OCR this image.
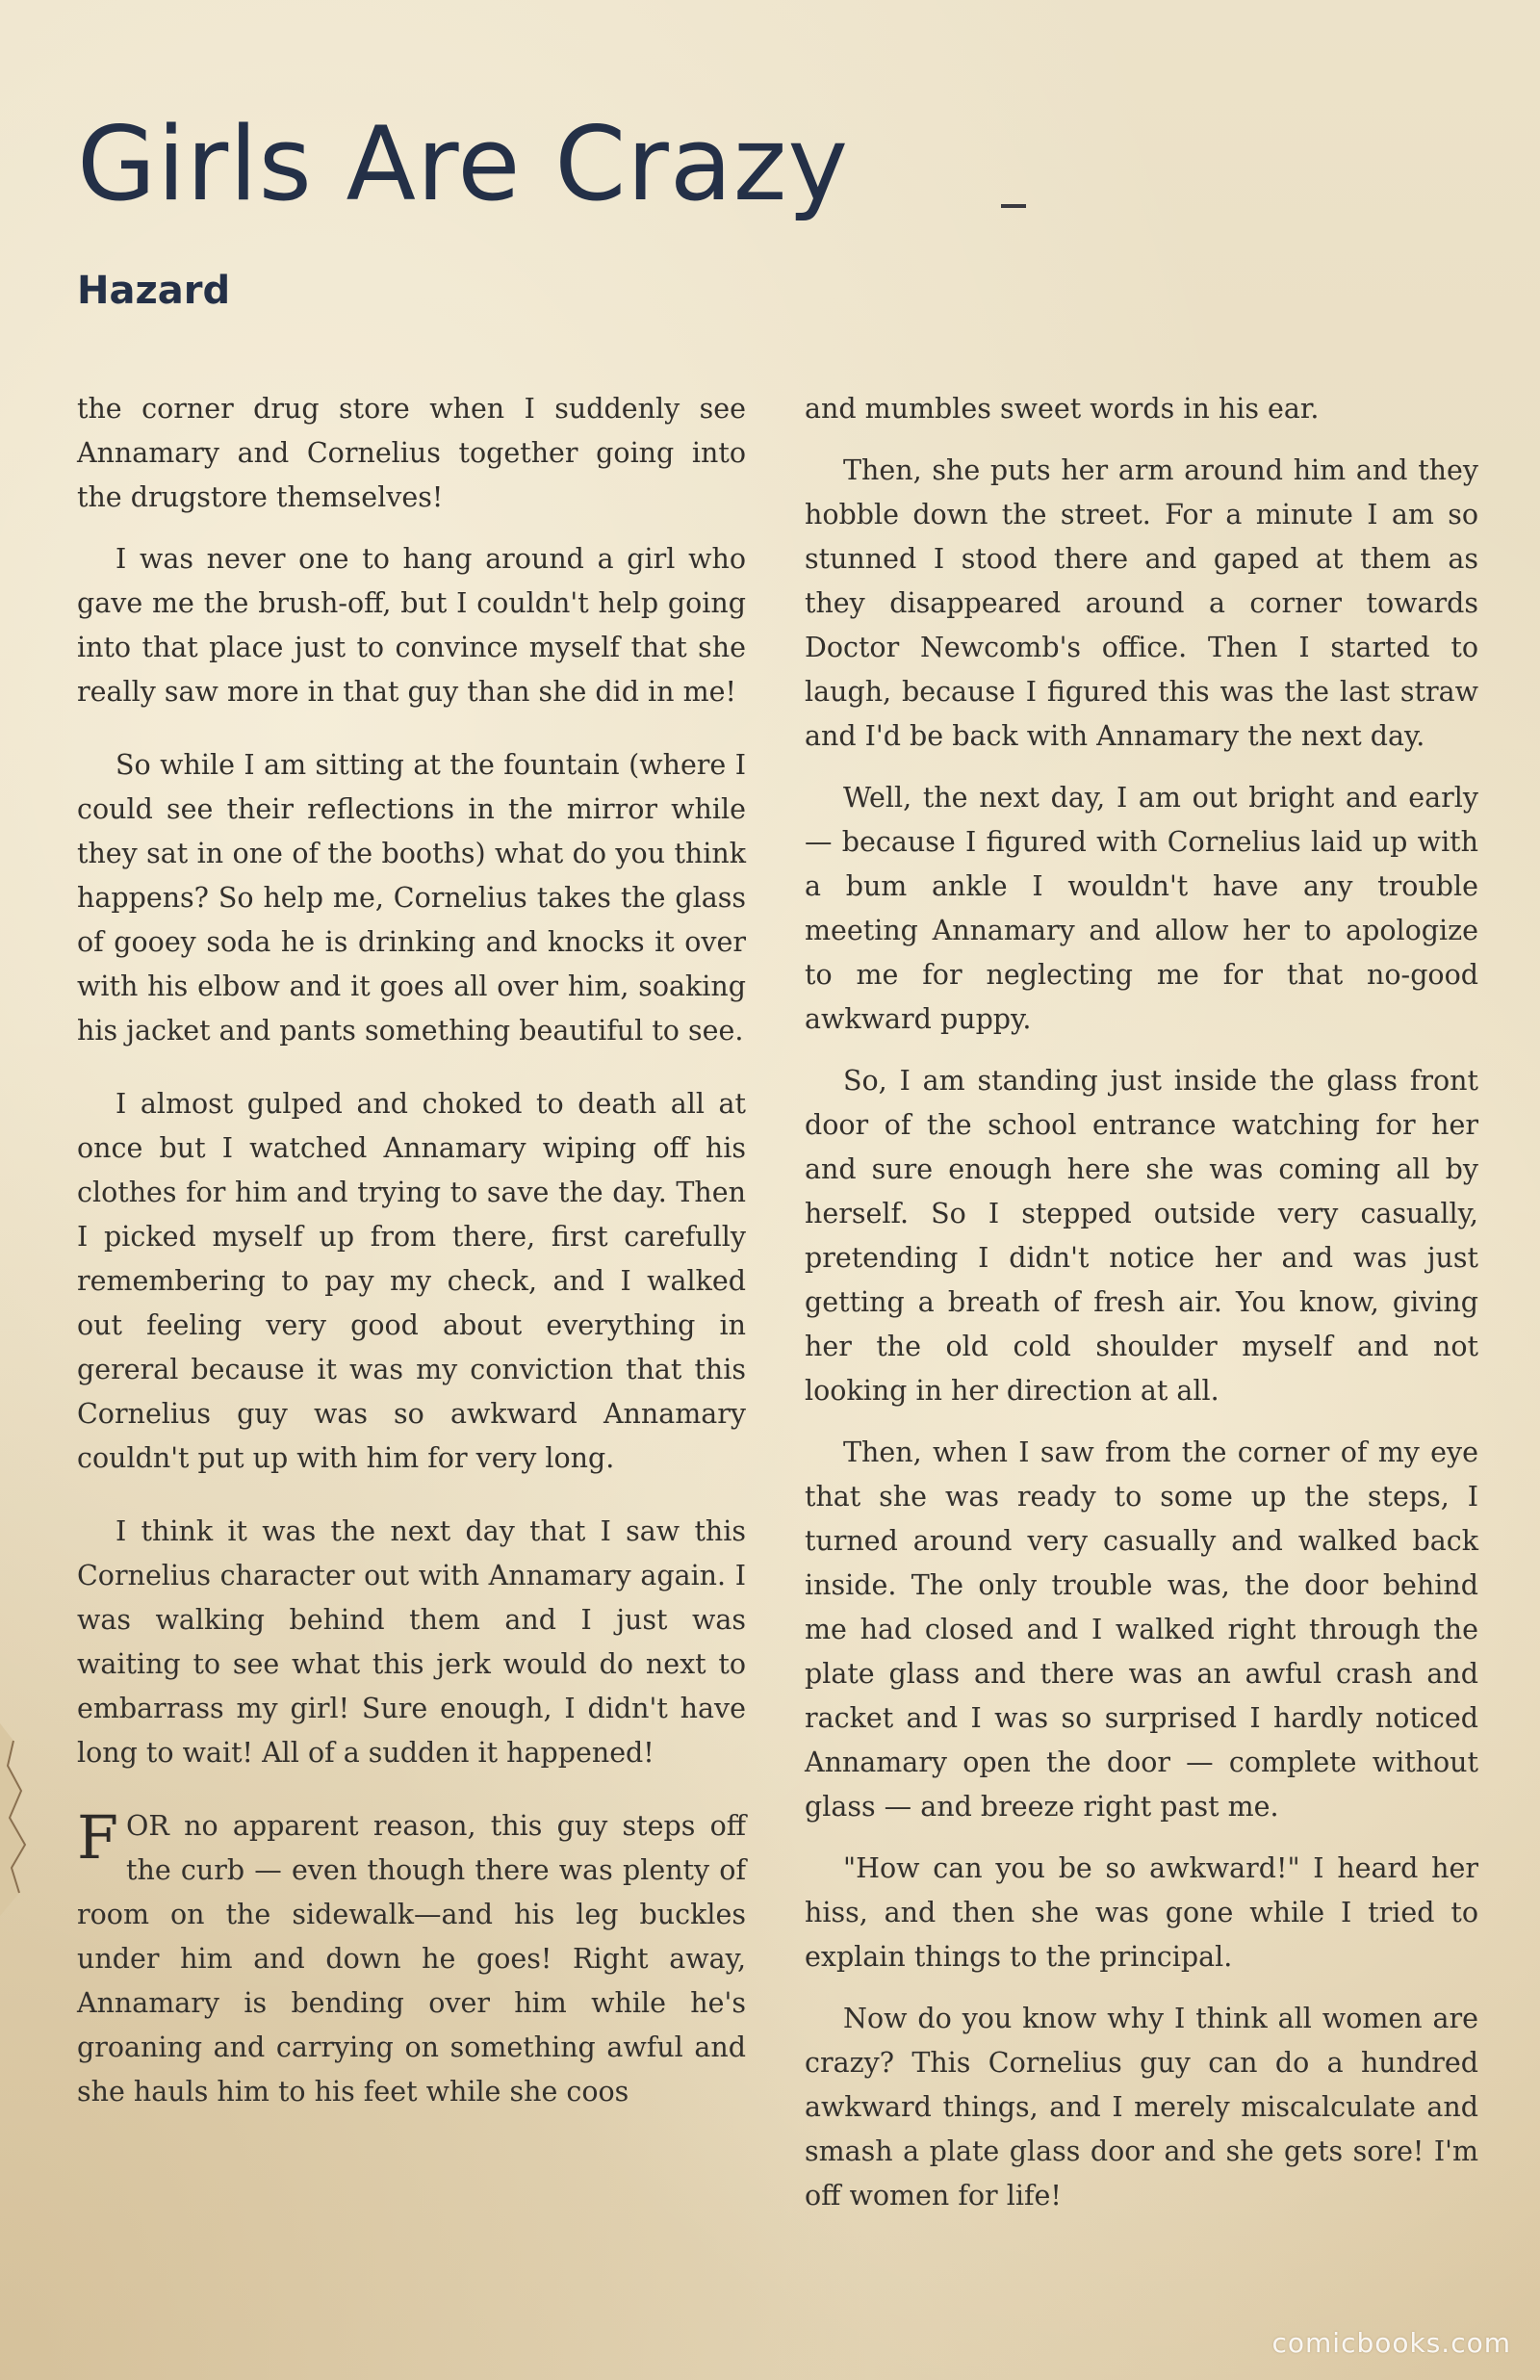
Girls Are Crazy
Hazard

the corner drug store when I suddenly see Annamary and Cornelius together going into the drugstore themselves!

I was never one to hang around a girl who gave me the brush-off, but I couldn't help going into that place just to convince myself that she really saw more in that guy than she did in me!

So while I am sitting at the fountain (where I could see their reflections in the mirror while they sat in one of the booths) what do you think happens? So help me, Cornelius takes the glass of gooey soda he is drinking and knocks it over with his elbow and it goes all over him, soaking his jacket and pants something beautiful to see.

I almost gulped and choked to death all at once but I watched Annamary wiping off his clothes for him and trying to save the day. Then I picked myself up from there, first carefully remembering to pay my check, and I walked out feeling very good about everything in gereral because it was my conviction that this Cornelius guy was so awkward Annamary couldn't put up with him for very long.

I think it was the next day that I saw this Cornelius character out with Annamary again. I was walking behind them and I just was waiting to see what this jerk would do next to embarrass my girl! Sure enough, I didn't have long to wait! All of a sudden it happened!

FOR no apparent reason, this guy steps off the curb — even though there was plenty of room on the sidewalk—and his leg buckles under him and down he goes! Right away, Annamary is bending over him while he's groaning and carrying on something awful and she hauls him to his feet while she coos

and mumbles sweet words in his ear.

Then, she puts her arm around him and they hobble down the street. For a minute I am so stunned I stood there and gaped at them as they disappeared around a corner towards Doctor Newcomb's office. Then I started to laugh, because I figured this was the last straw and I'd be back with Annamary the next day.

Well, the next day, I am out bright and early — because I figured with Cornelius laid up with a bum ankle I wouldn't have any trouble meeting Annamary and allow her to apologize to me for neglecting me for that no-good awkward puppy.

So, I am standing just inside the glass front door of the school entrance watching for her and sure enough here she was coming all by herself. So I stepped outside very casually, pretending I didn't notice her and was just getting a breath of fresh air. You know, giving her the old cold shoulder myself and not looking in her direction at all.

Then, when I saw from the corner of my eye that she was ready to some up the steps, I turned around very casually and walked back inside. The only trouble was, the door behind me had closed and I walked right through the plate glass and there was an awful crash and racket and I was so surprised I hardly noticed Annamary open the door — complete without glass — and breeze right past me.

"How can you be so awkward!" I heard her hiss, and then she was gone while I tried to explain things to the principal.

Now do you know why I think all women are crazy? This Cornelius guy can do a hundred awkward things, and I merely miscalculate and smash a plate glass door and she gets sore! I'm off women for life!

comicbooks.com
